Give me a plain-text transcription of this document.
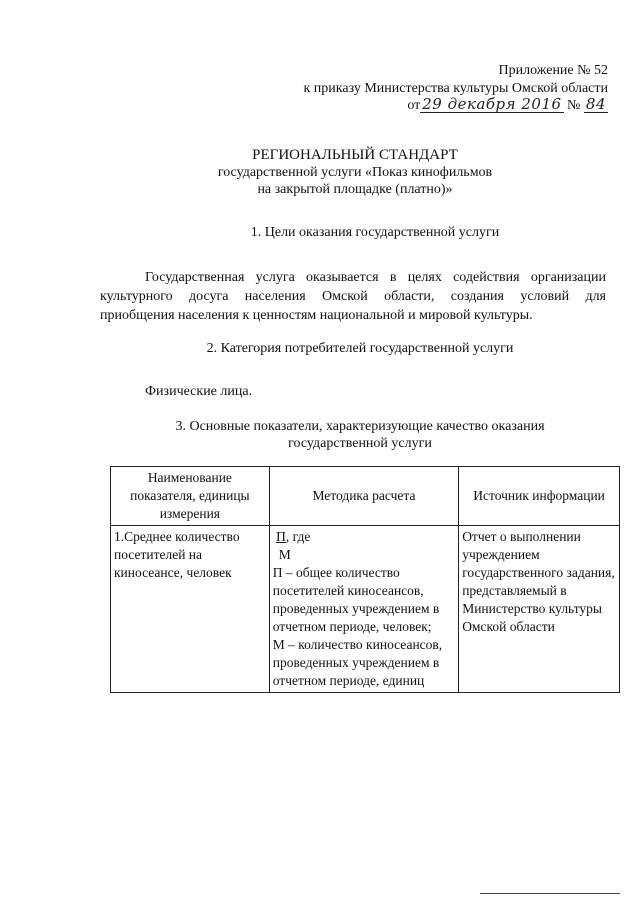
Приложение № 52
к приказу Министерства культуры Омской области
от 29 декабря 2016 № 84
РЕГИОНАЛЬНЫЙ СТАНДАРТ
государственной услуги «Показ кинофильмов
на закрытой площадке (платно)»
1. Цели оказания государственной услуги
Государственная услуга оказывается в целях содействия организации
культурного досуга населения Омской области, создания условий для
приобщения населения к ценностям национальной и мировой культуры.
2. Категория потребителей государственной услуги
Физические лица.
3. Основные показатели, характеризующие качество оказания
государственной услуги
Наименование показателя, единицы измерения	Методика расчета	Источник информации
1.Среднее количество посетителей на киносеансе, человек	П, где
М
П – общее количество посетителей киносеансов, проведенных учреждением в отчетном периоде, человек;
М – количество киносеансов, проведенных учреждением в отчетном периоде, единиц	Отчет о выполнении учреждением государственного задания, представляемый в Министерство культуры Омской области
